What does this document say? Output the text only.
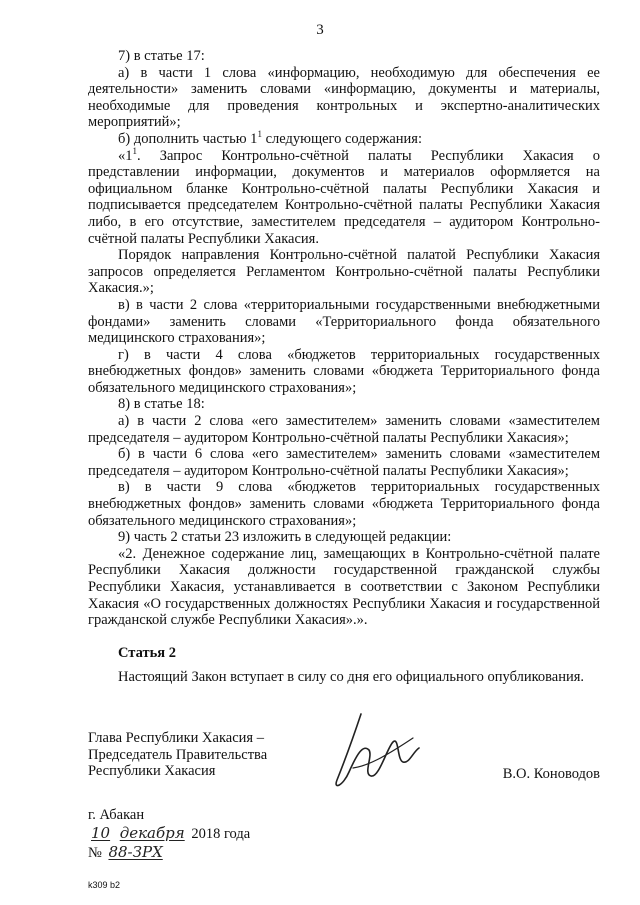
3

7) в статье 17:

а) в части 1 слова «информацию, необходимую для обеспечения ее деятельности» заменить словами «информацию, документы и материалы, необходимые для проведения контрольных и экспертно-аналитических мероприятий»;

б) дополнить частью $1^1$ следующего содержания:

«$1^1$. Запрос Контрольно-счётной палаты Республики Хакасия о представлении информации, документов и материалов оформляется на официальном бланке Контрольно-счётной палаты Республики Хакасия и подписывается председателем Контрольно-счётной палаты Республики Хакасия либо, в его отсутствие, заместителем председателя – аудитором Контрольно-счётной палаты Республики Хакасия.

Порядок направления Контрольно-счётной палатой Республики Хакасия запросов определяется Регламентом Контрольно-счётной палаты Республики Хакасия.»;

в) в части 2 слова «территориальными государственными внебюджетными фондами» заменить словами «Территориального фонда обязательного медицинского страхования»;

г) в части 4 слова «бюджетов территориальных государственных внебюджетных фондов» заменить словами «бюджета Территориального фонда обязательного медицинского страхования»;

8) в статье 18:

а) в части 2 слова «его заместителем» заменить словами «заместителем председателя – аудитором Контрольно-счётной палаты Республики Хакасия»;

б) в части 6 слова «его заместителем» заменить словами «заместителем председателя – аудитором Контрольно-счётной палаты Республики Хакасия»;

в) в части 9 слова «бюджетов территориальных государственных внебюджетных фондов» заменить словами «бюджета Территориального фонда обязательного медицинского страхования»;

9) часть 2 статьи 23 изложить в следующей редакции:

«2. Денежное содержание лиц, замещающих в Контрольно-счётной палате Республики Хакасия должности государственной гражданской службы Республики Хакасия, устанавливается в соответствии с Законом Республики Хакасия «О государственных должностях Республики Хакасия и государственной гражданской службе Республики Хакасия».».

Статья 2

Настоящий Закон вступает в силу со дня его официального опубликования.

Глава Республики Хакасия –
Председатель Правительства
Республики Хакасия	В.О. Коноводов
г. Абакан
10 декабря 2018 года
№ 88-ЗРХ
k309 b2
